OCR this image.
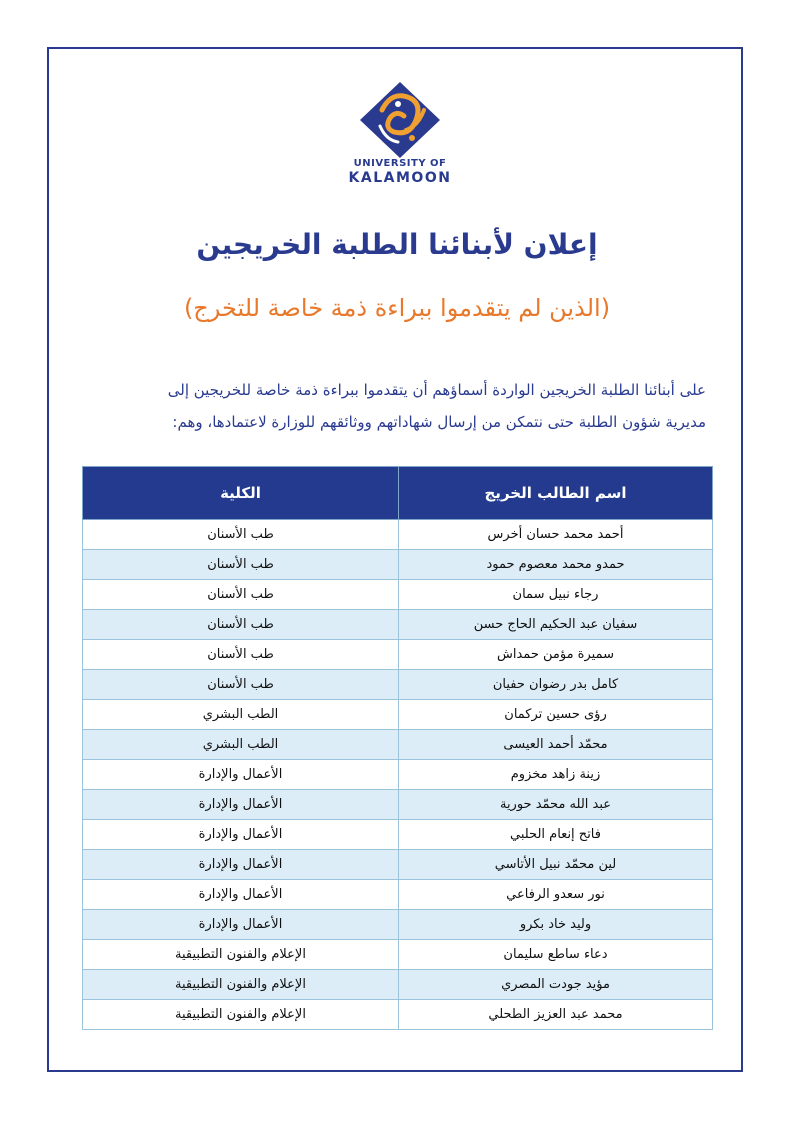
UNIVERSITY OF
KALAMOON
إعلان لأبنائنا الطلبة الخريجين
(الذين لم يتقدموا ببراءة ذمة خاصة للتخرج)
على أبنائنا الطلبة الخريجين الواردة أسماؤهم أن يتقدموا ببراءة ذمة خاصة للخريجين إلى
مديرية شؤون الطلبة حتى نتمكن من إرسال شهاداتهم ووثائقهم للوزارة لاعتمادها، وهم:
اسم الطالب الخريج	الكلية
أحمد محمد حسان أخرس	طب الأسنان
حمدو محمد معصوم حمود	طب الأسنان
رجاء نبيل سمان	طب الأسنان
سفيان عبد الحكيم الحاج حسن	طب الأسنان
سميرة مؤمن حمداش	طب الأسنان
كامل بدر رضوان حفيان	طب الأسنان
رؤى حسين تركمان	الطب البشري
محمّد أحمد العيسى	الطب البشري
زينة زاهد مخزوم	الأعمال والإدارة
عبد الله محمّد حورية	الأعمال والإدارة
فاتح إنعام الحلبي	الأعمال والإدارة
لين محمّد نبيل الأتاسي	الأعمال والإدارة
نور سعدو الرفاعي	الأعمال والإدارة
وليد خاد بكرو	الأعمال والإدارة
دعاء ساطع سليمان	الإعلام والفنون التطبيقية
مؤيد جودت المصري	الإعلام والفنون التطبيقية
محمد عبد العزيز الطحلي	الإعلام والفنون التطبيقية
